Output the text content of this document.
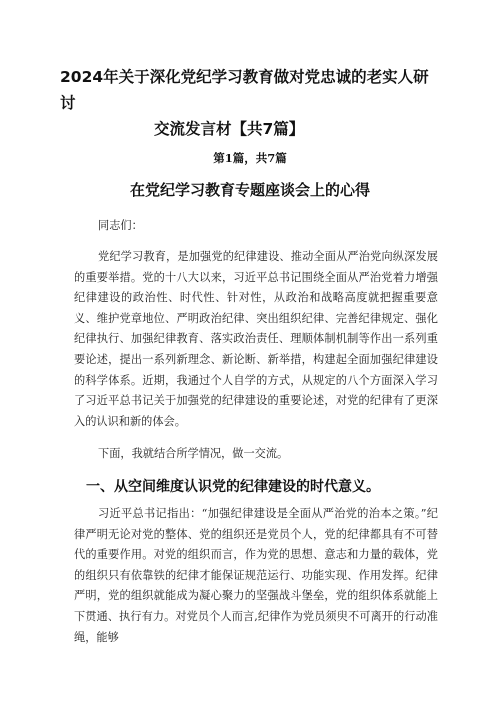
2024年关于深化党纪学习教育做对党忠诚的老实人研讨
交流发言材【共7篇】

第1篇，共7篇

在党纪学习教育专题座谈会上的心得

同志们：

党纪学习教育，是加强党的纪律建设、推动全面从严治党向纵深发展的重要举措。党的十八大以来，习近平总书记围绕全面从严治党着力增强纪律建设的政治性、时代性、针对性，从政治和战略高度就把握重要意义、维护党章地位、严明政治纪律、突出组织纪律、完善纪律规定、强化纪律执行、加强纪律教育、落实政治责任、理顺体制机制等作出一系列重要论述，提出一系列新理念、新论断、新举措，构建起全面加强纪律建设的科学体系。近期，我通过个人自学的方式，从规定的八个方面深入学习了习近平总书记关于加强党的纪律建设的重要论述，对党的纪律有了更深入的认识和新的体会。

下面，我就结合所学情况，做一交流。

一、从空间维度认识党的纪律建设的时代意义。

习近平总书记指出：“加强纪律建设是全面从严治党的治本之策。”纪律严明无论对党的整体、党的组织还是党员个人，党的纪律都具有不可替代的重要作用。对党的组织而言，作为党的思想、意志和力量的载体，党的组织只有依靠铁的纪律才能保证规范运行、功能实现、作用发挥。纪律严明，党的组织就能成为凝心聚力的坚强战斗堡垒，党的组织体系就能上下贯通、执行有力。对党员个人而言,纪律作为党员须臾不可离开的行动准绳，能够
